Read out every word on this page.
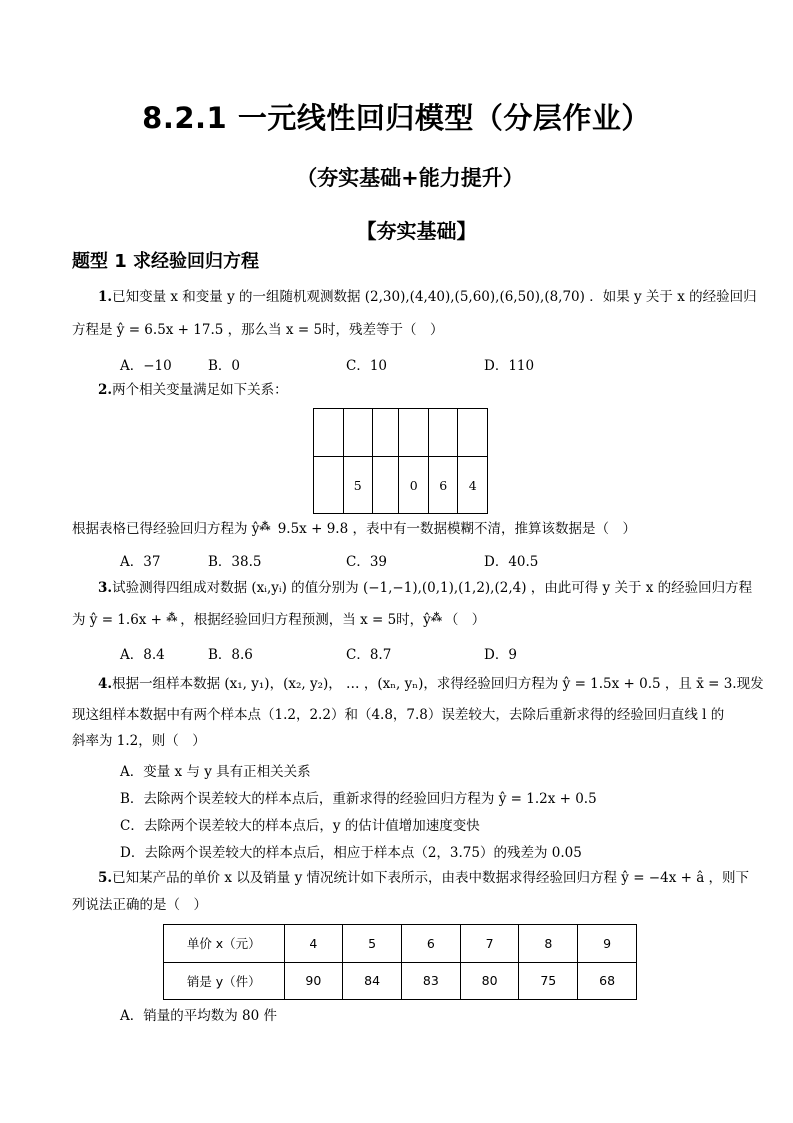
8.2.1 一元线性回归模型（分层作业）
（夯实基础+能力提升）
【夯实基础】
题型 1 求经验回归方程
1.已知变量 x 和变量 y 的一组随机观测数据 (2,30),(4,40),(5,60),(6,50),(8,70) ．如果 y 关于 x 的经验回归
方程是 ŷ = 6.5x + 17.5 ，那么当 x = 5时，残差等于（　）
A．−10	B．0	C．10	D．110
2.两个相关变量满足如下关系：

	5		0	6	4
根据表格已得经验回归方程为 ŷ⁂ 9.5x + 9.8 ，表中有一数据模糊不清，推算该数据是（　）
A．37	B．38.5	C．39	D．40.5
3.试验测得四组成对数据 (xᵢ,yᵢ) 的值分别为 (−1,−1),(0,1),(1,2),(2,4) ，由此可得 y 关于 x 的经验回归方程
为 ŷ = 1.6x + ⁂ ，根据经验回归方程预测，当 x = 5时，ŷ⁂ （　）
A．8.4	B．8.6	C．8.7	D．9
4.根据一组样本数据 (x₁, y₁)，(x₂, y₂)， … ，(xₙ, yₙ)，求得经验回归方程为 ŷ = 1.5x + 0.5 ，且 x̄ = 3.现发
现这组样本数据中有两个样本点（1.2，2.2）和（4.8，7.8）误差较大，去除后重新求得的经验回归直线 l 的
斜率为 1.2，则（　）
A．变量 x 与 y 具有正相关关系
B．去除两个误差较大的样本点后，重新求得的经验回归方程为 ŷ = 1.2x + 0.5
C．去除两个误差较大的样本点后，y 的估计值增加速度变快
D．去除两个误差较大的样本点后，相应于样本点（2，3.75）的残差为 0.05
5.已知某产品的单价 x 以及销量 y 情况统计如下表所示，由表中数据求得经验回归方程 ŷ = −4x + â ，则下
列说法正确的是（　）
单价 x（元）	4	5	6	7	8	9
销是 y（件）	90	84	83	80	75	68
A．销量的平均数为 80 件
